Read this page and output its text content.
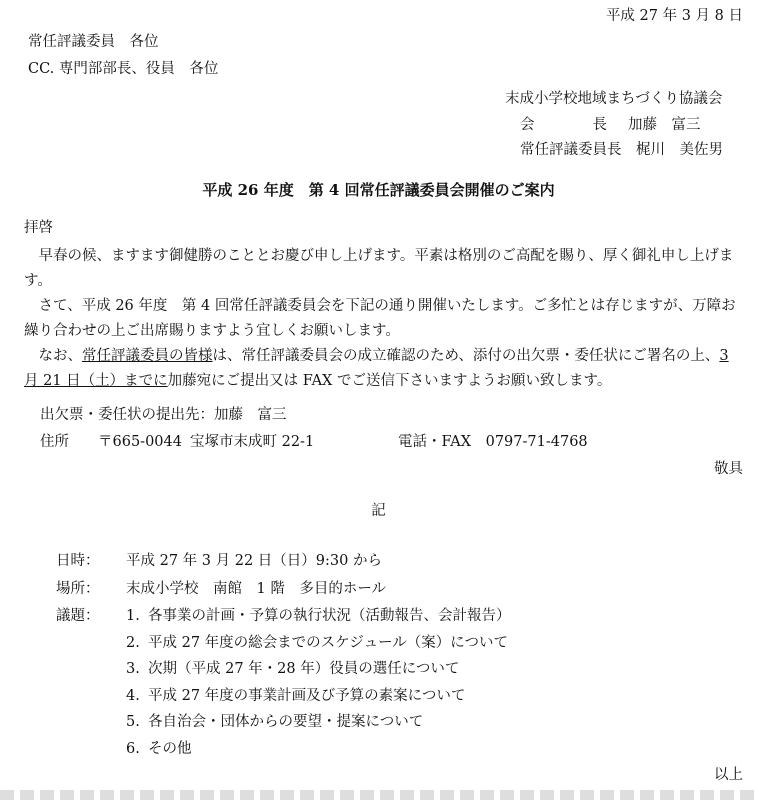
平成 27 年 3 月 8 日
常任評議委員　各位
CC. 専門部部長、役員　各位
末成小学校地域まちづくり協議会
会　　　　長 加藤　富三
常任評議委員長　 梶川　美佐男
平成 26 年度　第 4 回常任評議委員会開催のご案内
拝啓

早春の候、ますます御健勝のこととお慶び申し上げます。平素は格別のご高配を賜り、厚く御礼申し上げます。

さて、平成 26 年度　第 4 回常任評議委員会を下記の通り開催いたします。ご多忙とは存じますが、万障お繰り合わせの上ご出席賜りますよう宜しくお願いします。

なお、常任評議委員の皆様は、常任評議委員会の成立確認のため、添付の出欠票・委任状にご署名の上、3 月 21 日（土）までに加藤宛にご提出又は FAX でご送信下さいますようお願い致します。

出欠票・委任状の提出先：加藤　富三
住所 〒665-0044 宝塚市末成町 22-1	電話・FAX　0797-71-4768
敬具
記
日時： 平成 27 年 3 月 22 日（日）9:30 から
場所： 末成小学校　南館　1 階　多目的ホール
議題：	1. 各事業の計画・予算の執行状況（活動報告、会計報告）
2. 平成 27 年度の総会までのスケジュール（案）について
3. 次期（平成 27 年・28 年）役員の選任について
4. 平成 27 年度の事業計画及び予算の素案について
5. 各自治会・団体からの要望・提案について
6. その他
以上
